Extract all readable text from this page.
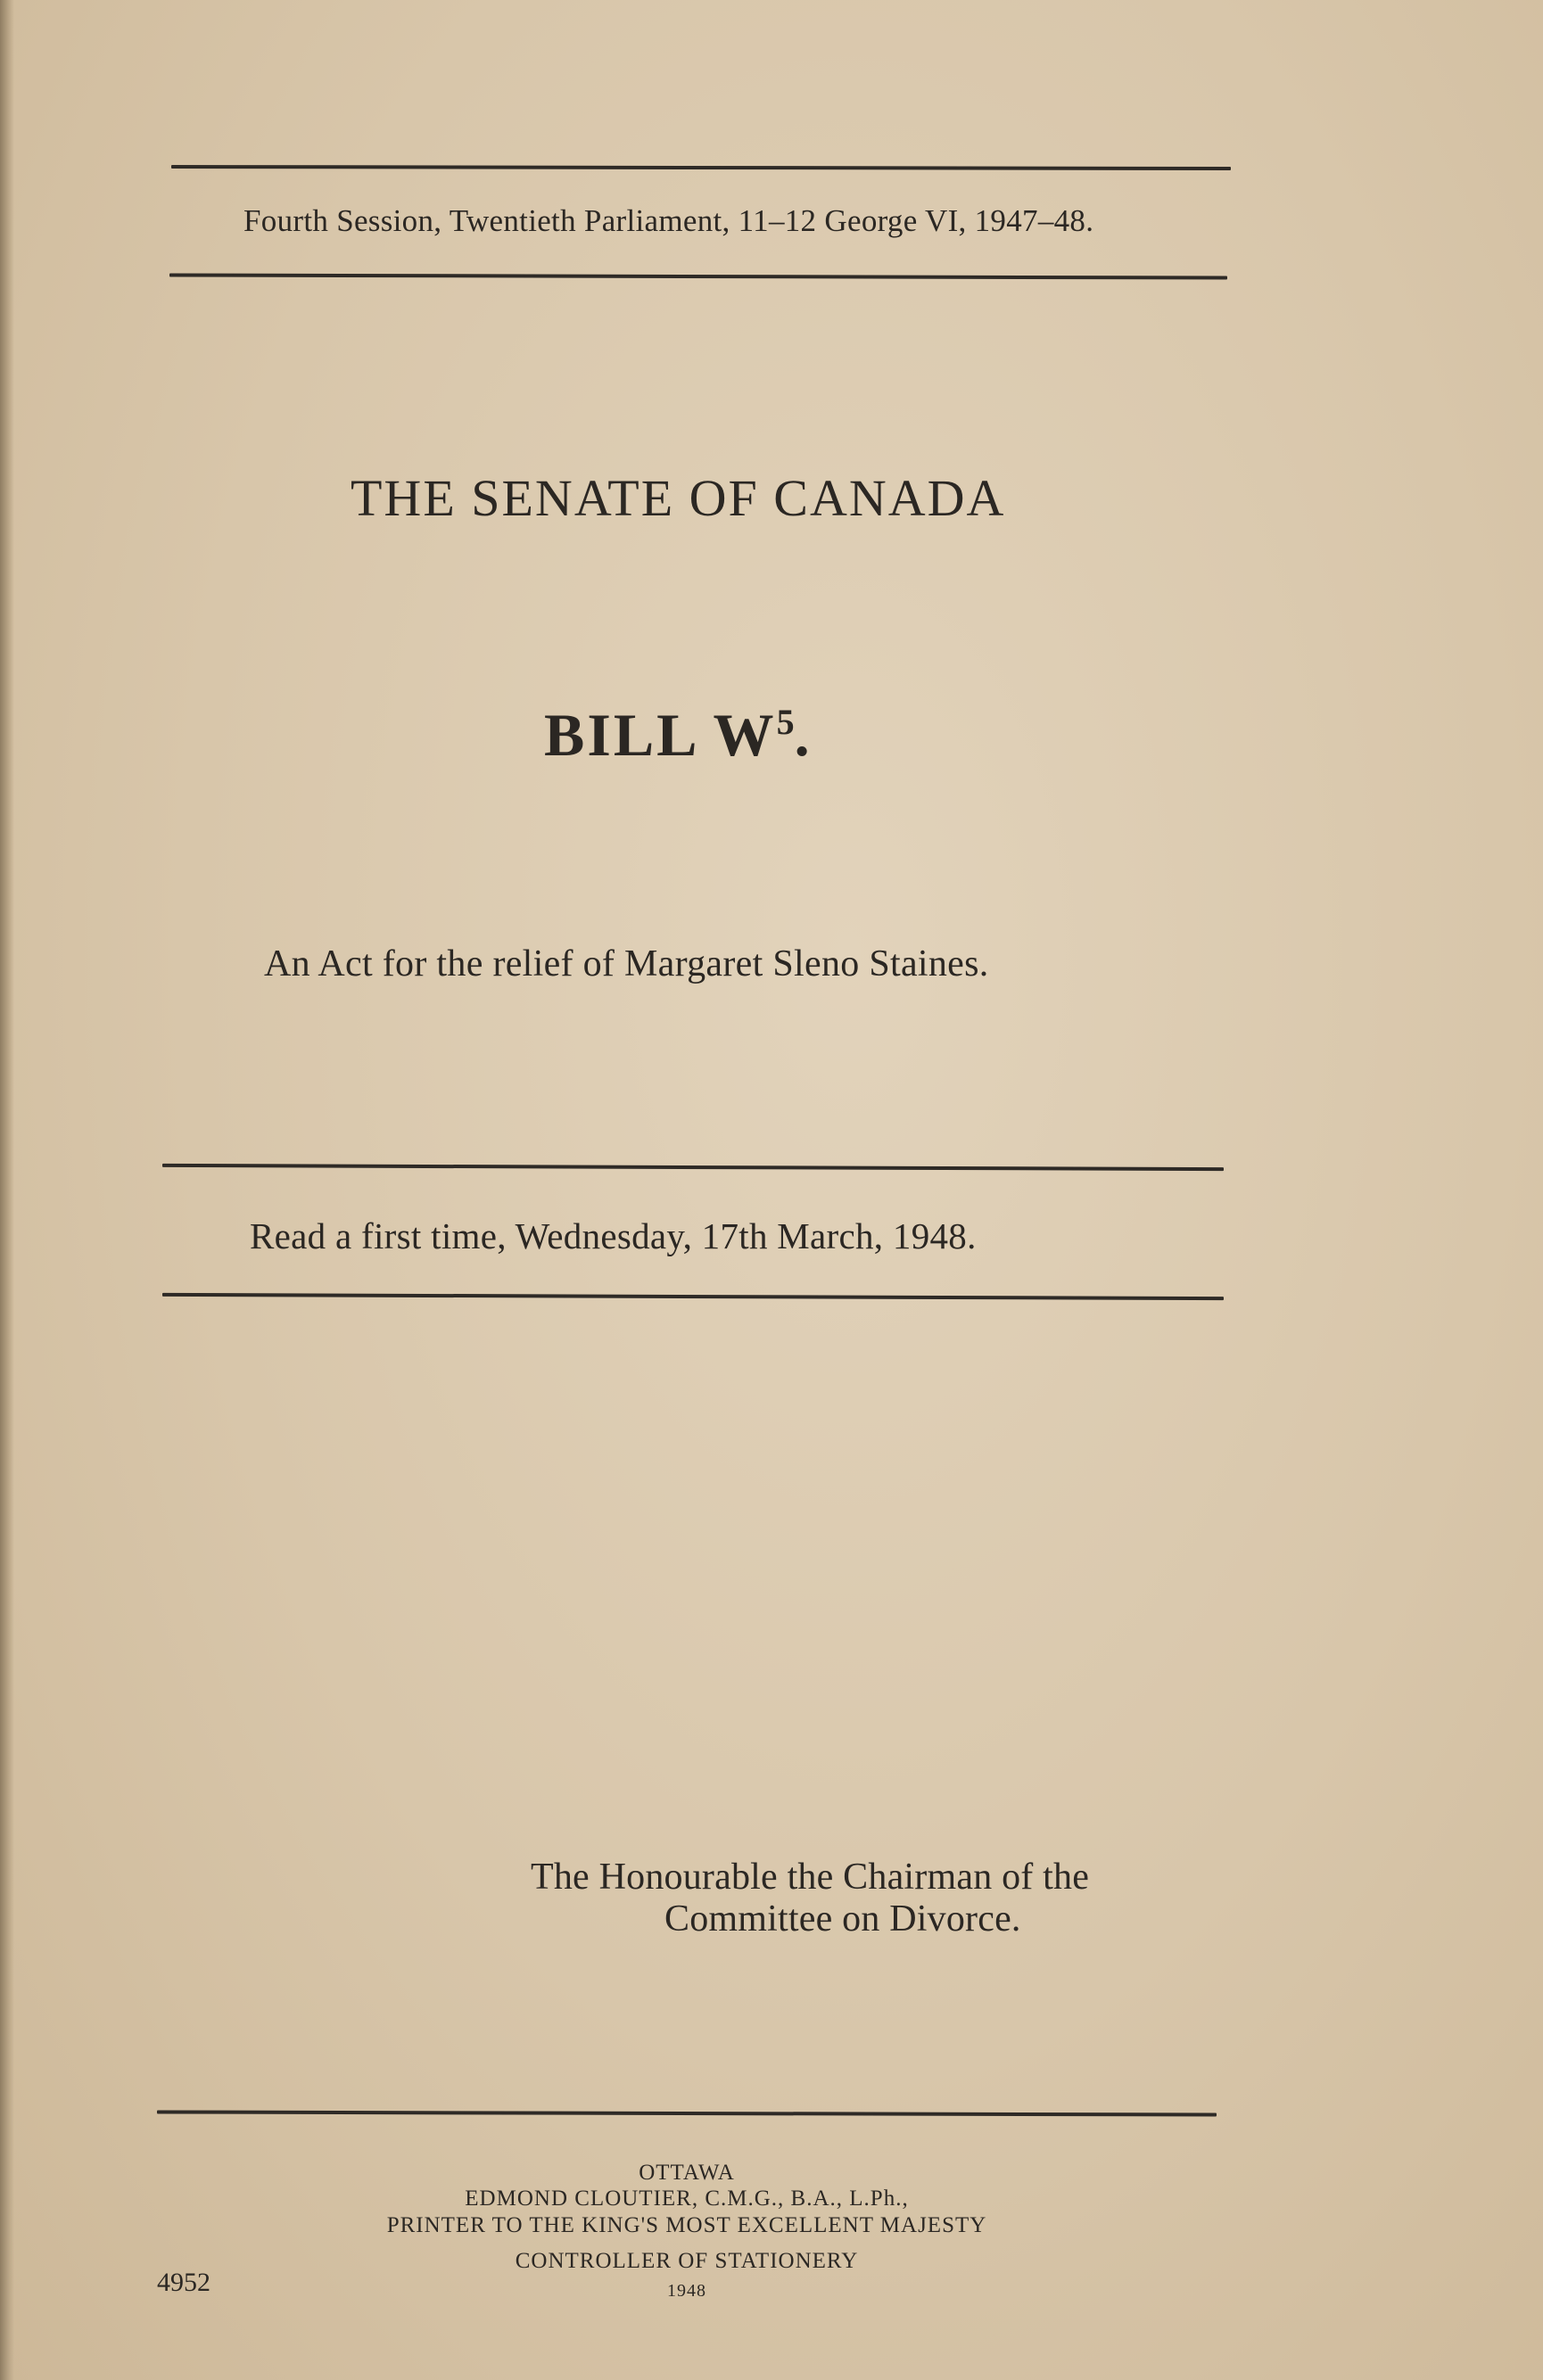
Fourth Session, Twentieth Parliament, 11–12 George VI, 1947–48.
THE SENATE OF CANADA
BILL $W^5$.
An Act for the relief of Margaret Sleno Staines.
Read a first time, Wednesday, 17th March, 1948.
The Honourable the Chairman of the
Committee on Divorce.
OTTAWA
EDMOND CLOUTIER, C.M.G., B.A., L.Ph.,
PRINTER TO THE KING'S MOST EXCELLENT MAJESTY
CONTROLLER OF STATIONERY
1948
4952
